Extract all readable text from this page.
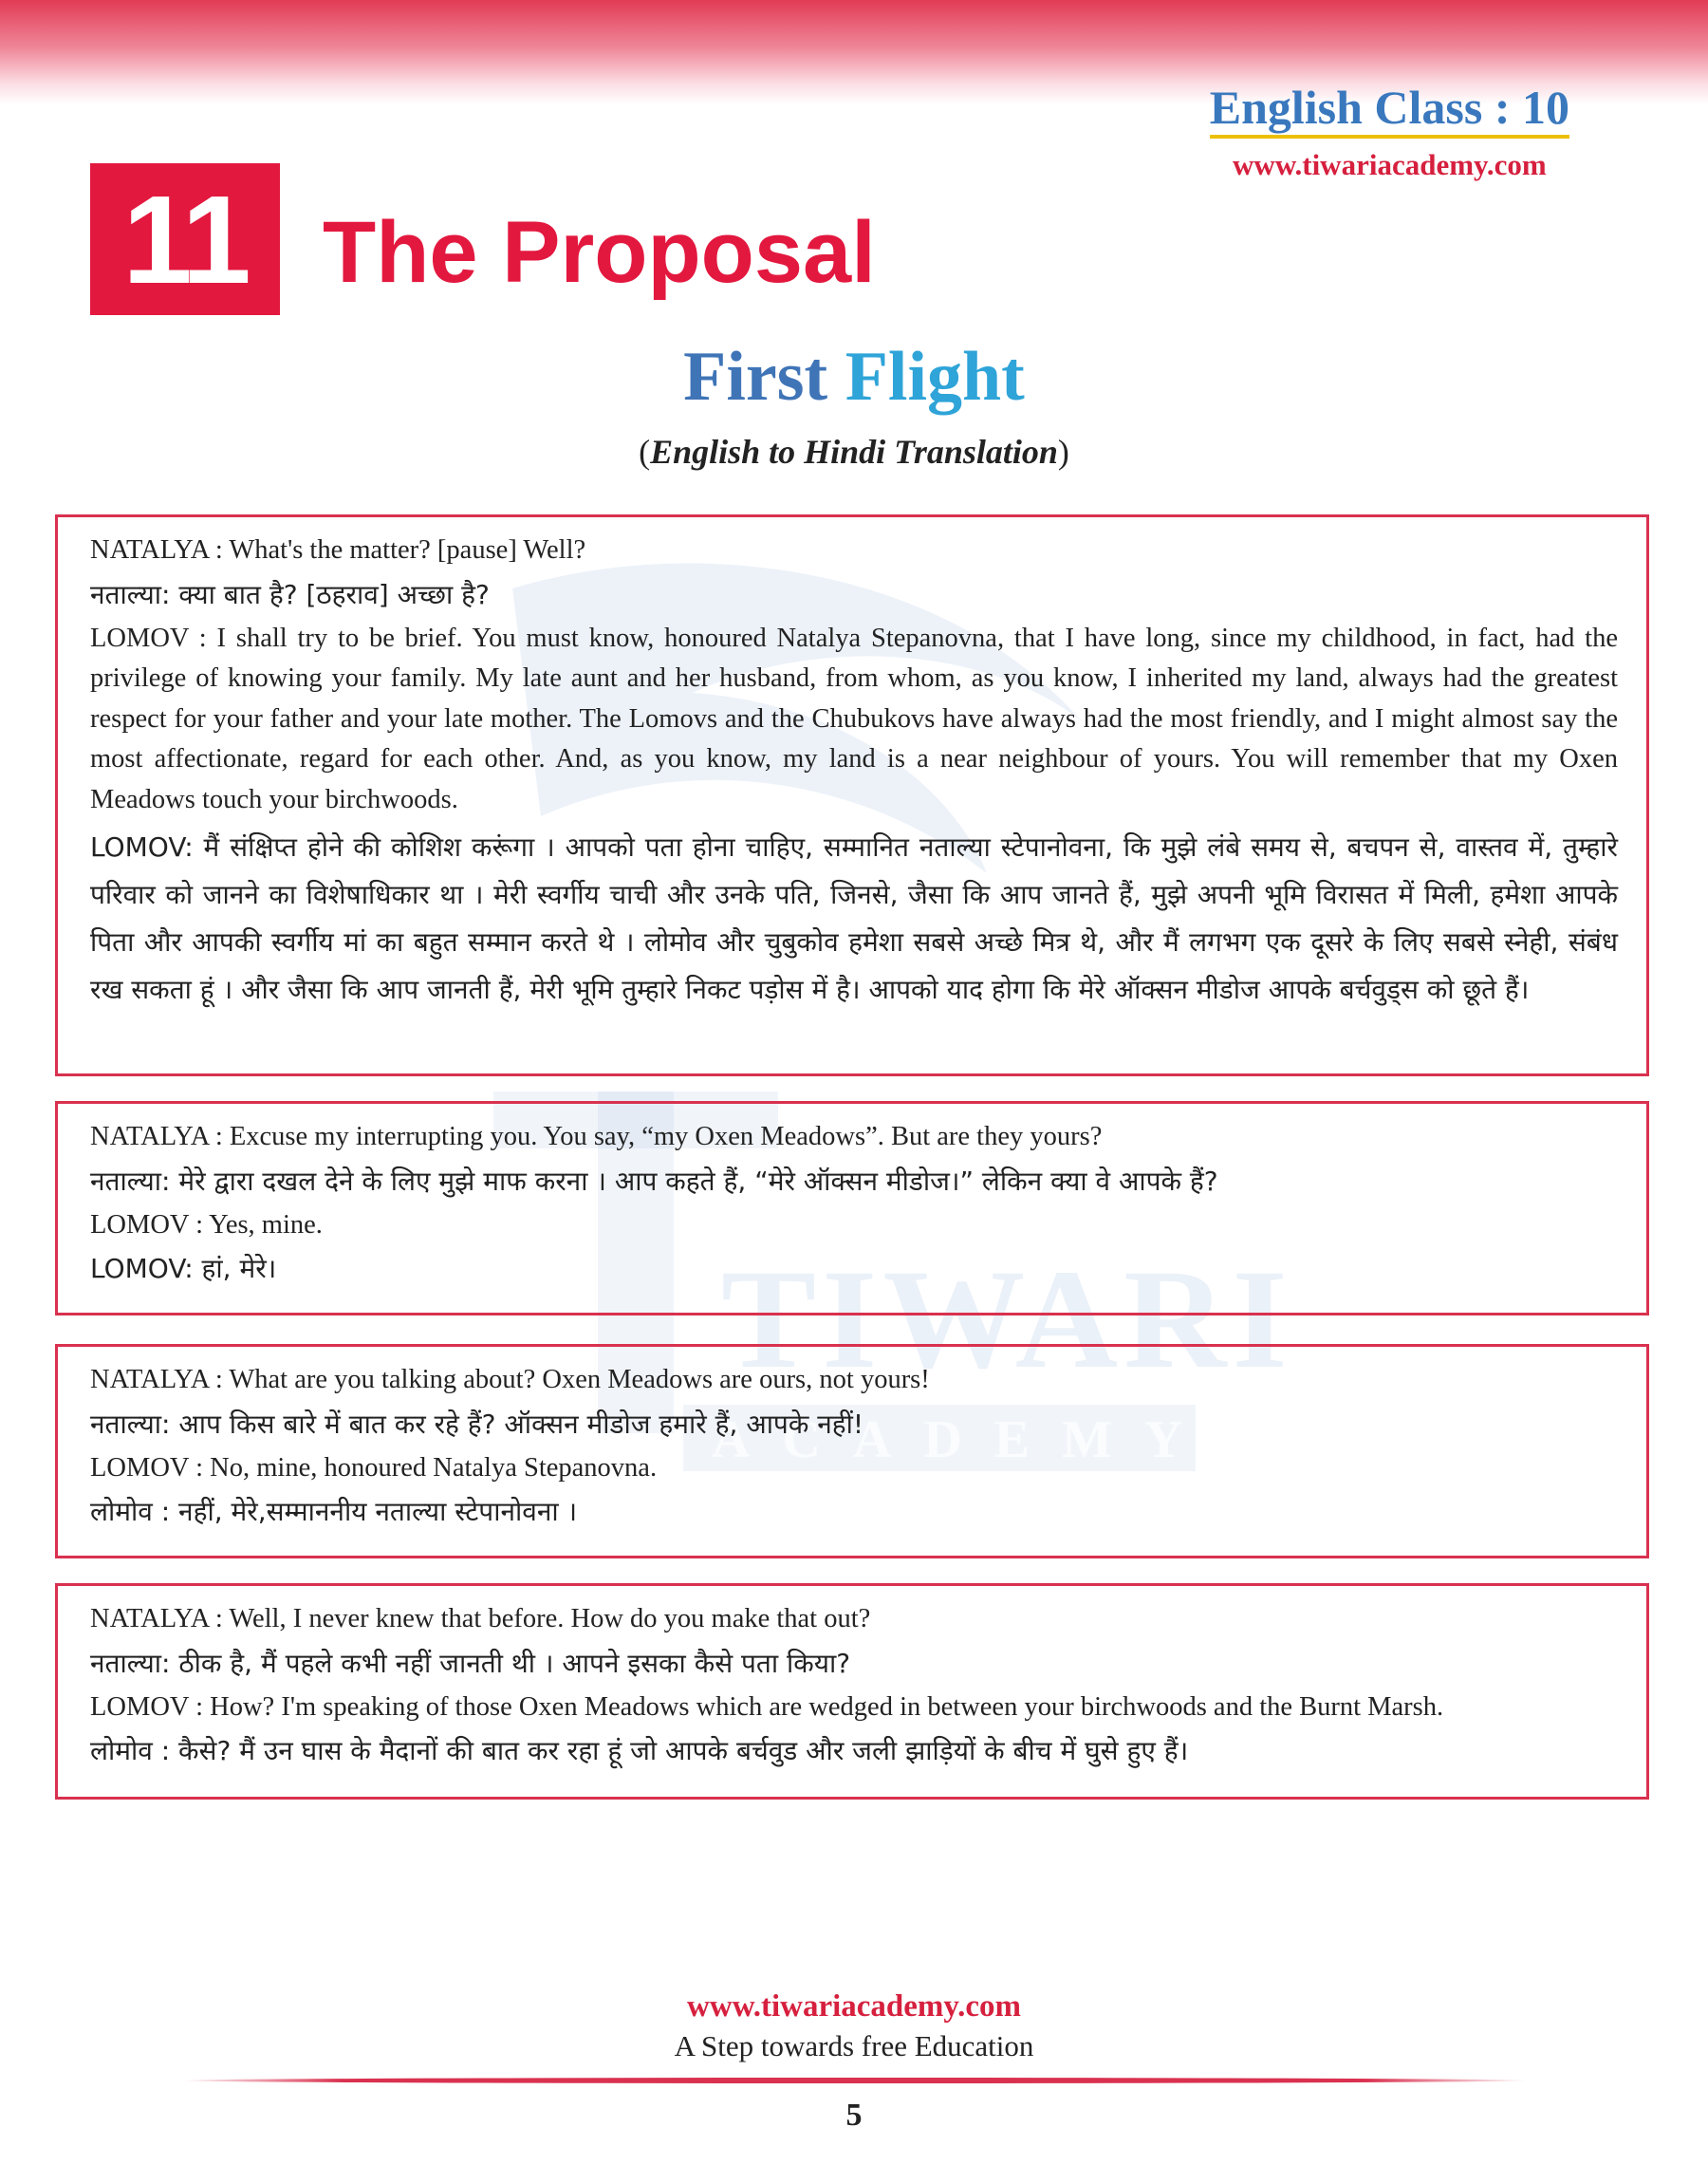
English Class : 10
www.tiwariacademy.com
11 The Proposal
First Flight
(English to Hindi Translation)
TIWARI
ACADEMY

NATALYA : What's the matter? [pause] Well?

नताल्या: क्या बात है? [ठहराव] अच्छा है?

LOMOV : I shall try to be brief. You must know, honoured Natalya Stepanovna, that I have long, since my childhood, in fact, had the privilege of knowing your family. My late aunt and her husband, from whom, as you know, I inherited my land, always had the greatest respect for your father and your late mother. The Lomovs and the Chubukovs have always had the most friendly, and I might almost say the most affectionate, regard for each other. And, as you know, my land is a near neighbour of yours. You will remember that my Oxen Meadows touch your birchwoods.

LOMOV: मैं संक्षिप्त होने की कोशिश करूंगा । आपको पता होना चाहिए, सम्मानित नताल्या स्टेपानोवना, कि मुझे लंबे समय से, बचपन से, वास्तव में, तुम्हारे परिवार को जानने का विशेषाधिकार था । मेरी स्वर्गीय चाची और उनके पति, जिनसे, जैसा कि आप जानते हैं, मुझे अपनी भूमि विरासत में मिली, हमेशा आपके पिता और आपकी स्वर्गीय मां का बहुत सम्मान करते थे । लोमोव और चुबुकोव हमेशा सबसे अच्छे मित्र थे, और मैं लगभग एक दूसरे के लिए सबसे स्नेही, संबंध रख सकता हूं । और जैसा कि आप जानती हैं, मेरी भूमि तुम्हारे निकट पड़ोस में है। आपको याद होगा कि मेरे ऑक्सन मीडोज आपके बर्चवुड्स को छूते हैं।

NATALYA : Excuse my interrupting you. You say, “my Oxen Meadows”. But are they yours?

नताल्या: मेरे द्वारा दखल देने के लिए मुझे माफ करना । आप कहते हैं, “मेरे ऑक्सन मीडोज।” लेकिन क्या वे आपके हैं?

LOMOV : Yes, mine.

LOMOV: हां, मेरे।

NATALYA : What are you talking about? Oxen Meadows are ours, not yours!

नताल्या: आप किस बारे में बात कर रहे हैं? ऑक्सन मीडोज हमारे हैं, आपके नहीं!

LOMOV : No, mine, honoured Natalya Stepanovna.

लोमोव : नहीं, मेरे,सम्माननीय नताल्या स्टेपानोवना ।

NATALYA : Well, I never knew that before. How do you make that out?

नताल्या: ठीक है, मैं पहले कभी नहीं जानती थी । आपने इसका कैसे पता किया?

LOMOV : How? I'm speaking of those Oxen Meadows which are wedged in between your birchwoods and the Burnt Marsh.

लोमोव : कैसे? मैं उन घास के मैदानों की बात कर रहा हूं जो आपके बर्चवुड और जली झाड़ियों के बीच में घुसे हुए हैं।

www.tiwariacademy.com
A Step towards free Education
5
